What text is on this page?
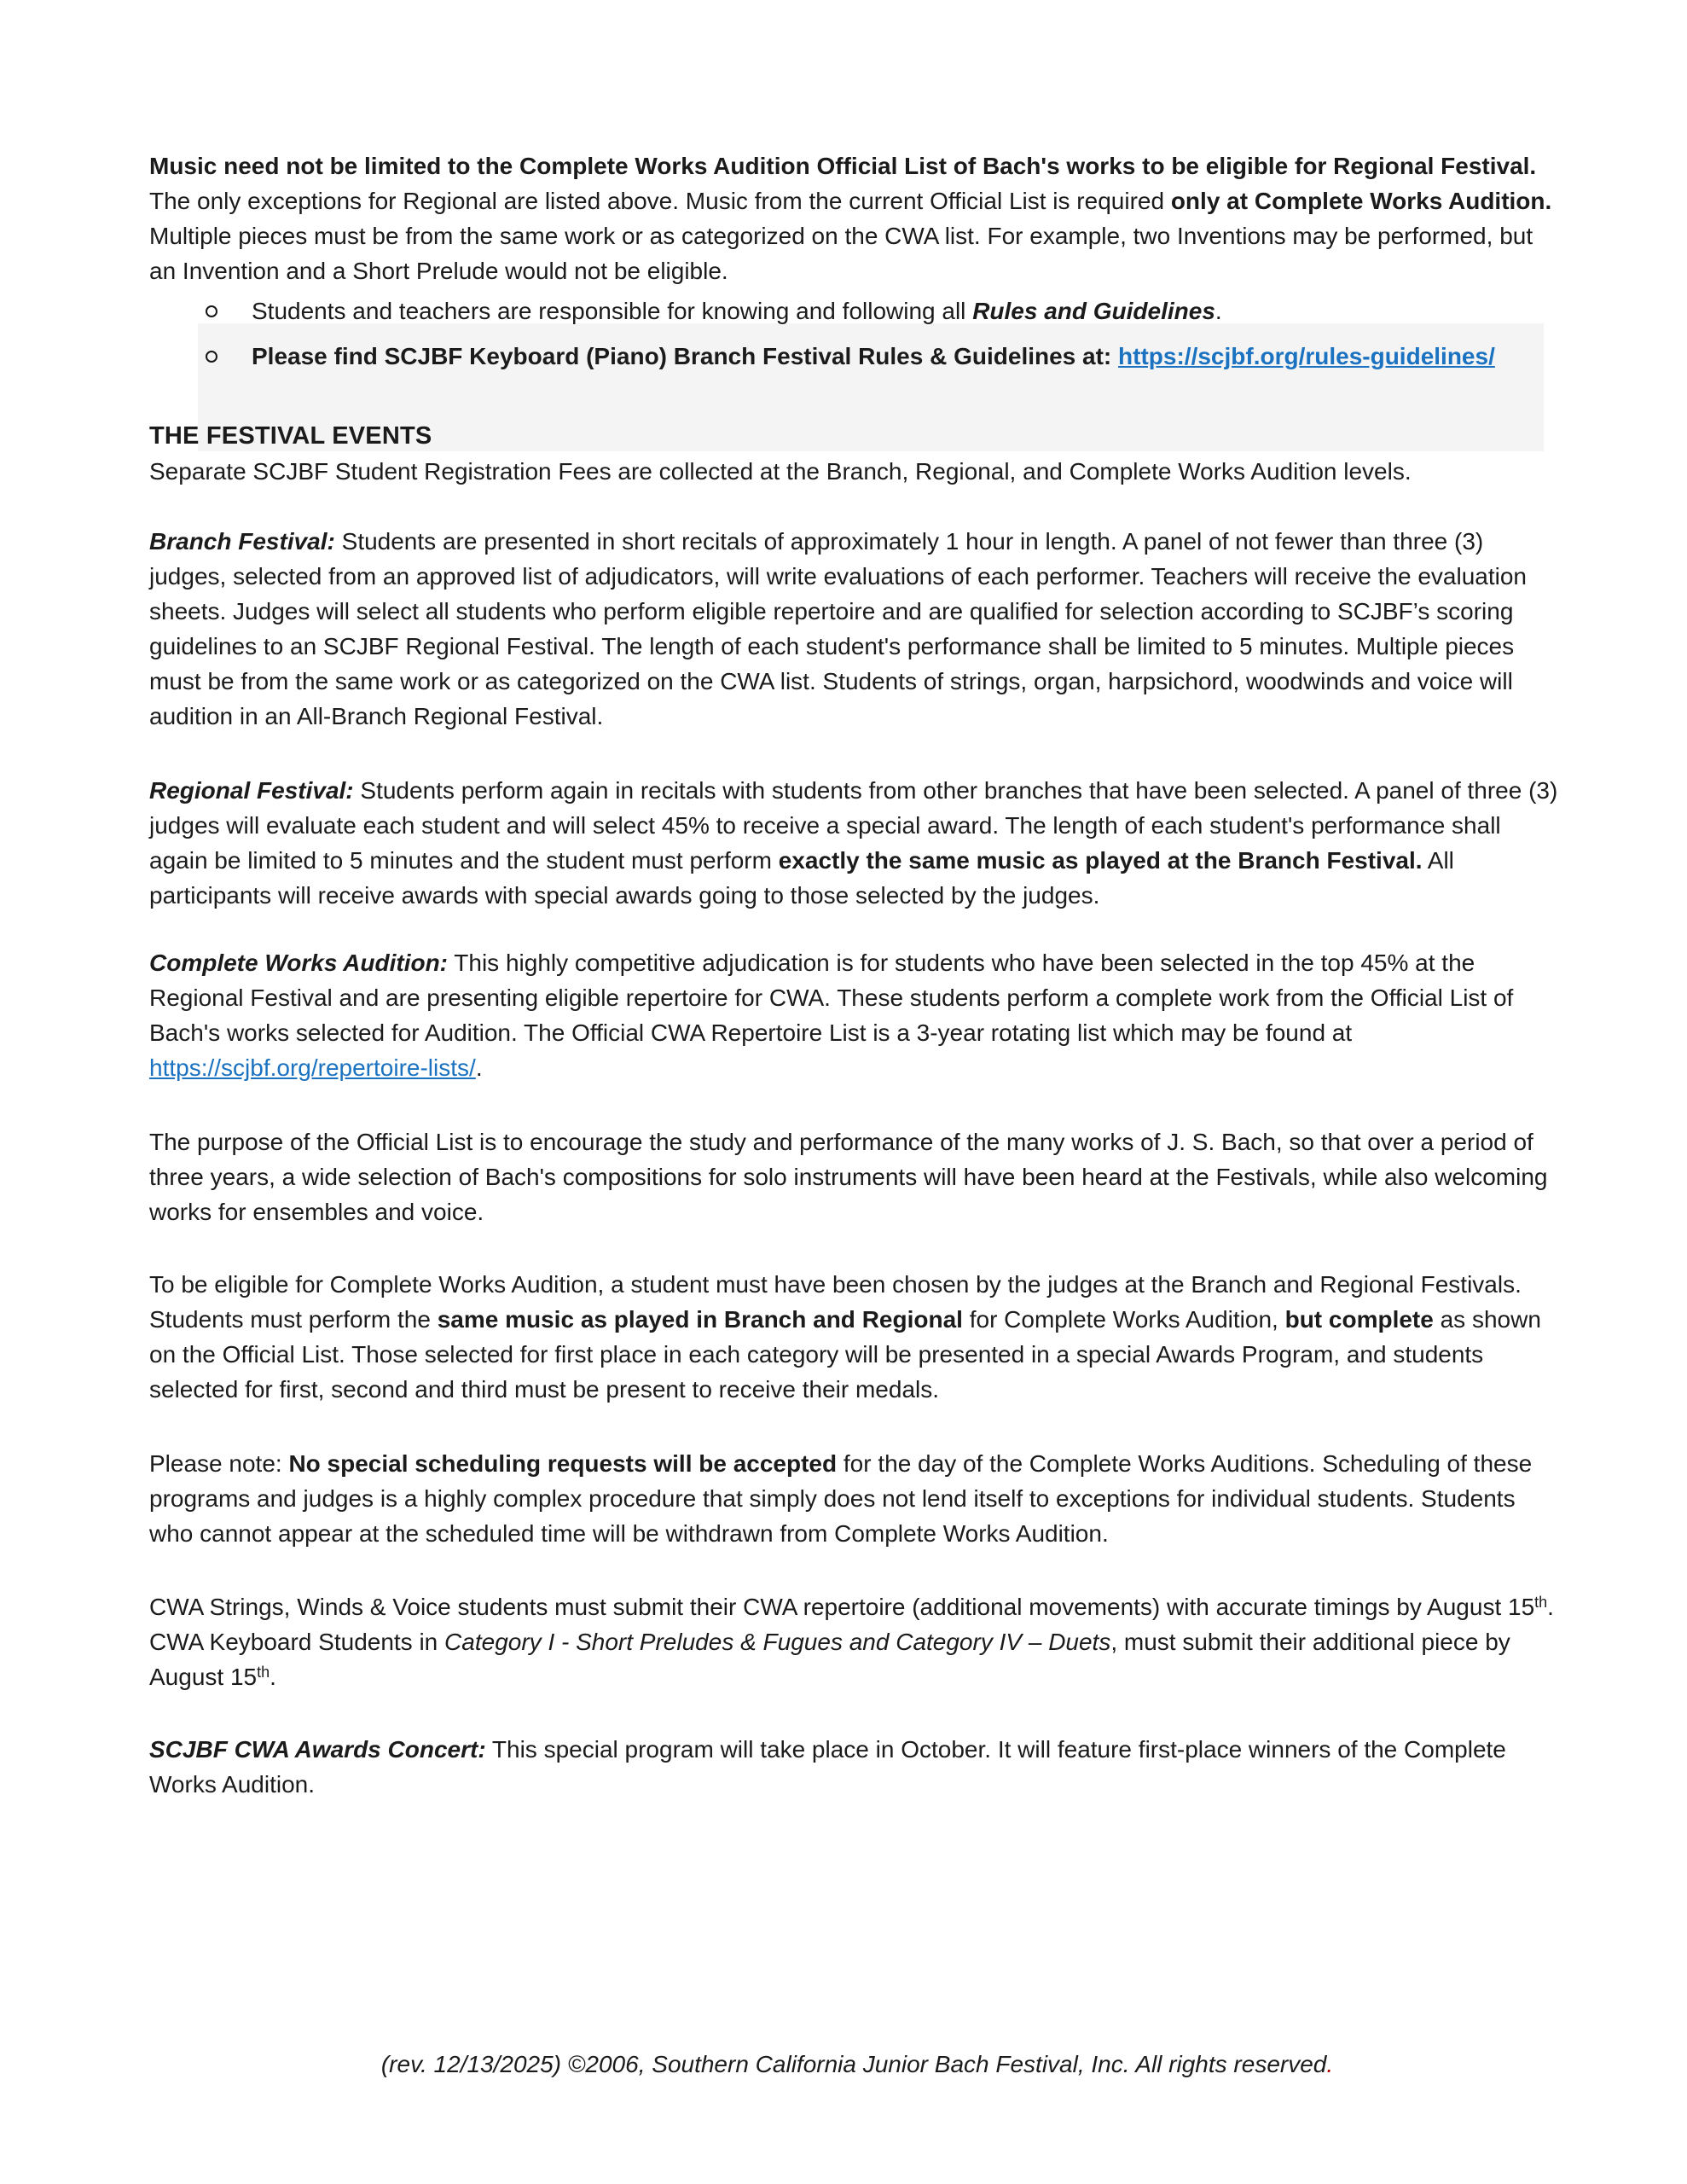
Music need not be limited to the Complete Works Audition Official List of Bach's works to be eligible for Regional Festival. The only exceptions for Regional are listed above. Music from the current Official List is required only at Complete Works Audition. Multiple pieces must be from the same work or as categorized on the CWA list. For example, two Inventions may be performed, but an Invention and a Short Prelude would not be eligible.
Students and teachers are responsible for knowing and following all Rules and Guidelines.
Please find SCJBF Keyboard (Piano) Branch Festival Rules & Guidelines at: https://scjbf.org/rules-guidelines/
THE FESTIVAL EVENTS
Separate SCJBF Student Registration Fees are collected at the Branch, Regional, and Complete Works Audition levels.
Branch Festival: Students are presented in short recitals of approximately 1 hour in length. A panel of not fewer than three (3) judges, selected from an approved list of adjudicators, will write evaluations of each performer. Teachers will receive the evaluation sheets. Judges will select all students who perform eligible repertoire and are qualified for selection according to SCJBF’s scoring guidelines to an SCJBF Regional Festival. The length of each student's performance shall be limited to 5 minutes. Multiple pieces must be from the same work or as categorized on the CWA list. Students of strings, organ, harpsichord, woodwinds and voice will audition in an All-Branch Regional Festival.
Regional Festival: Students perform again in recitals with students from other branches that have been selected. A panel of three (3) judges will evaluate each student and will select 45% to receive a special award. The length of each student's performance shall again be limited to 5 minutes and the student must perform exactly the same music as played at the Branch Festival. All participants will receive awards with special awards going to those selected by the judges.
Complete Works Audition: This highly competitive adjudication is for students who have been selected in the top 45% at the Regional Festival and are presenting eligible repertoire for CWA. These students perform a complete work from the Official List of Bach's works selected for Audition. The Official CWA Repertoire List is a 3-year rotating list which may be found at https://scjbf.org/repertoire-lists/.
The purpose of the Official List is to encourage the study and performance of the many works of J. S. Bach, so that over a period of three years, a wide selection of Bach's compositions for solo instruments will have been heard at the Festivals, while also welcoming works for ensembles and voice.
To be eligible for Complete Works Audition, a student must have been chosen by the judges at the Branch and Regional Festivals. Students must perform the same music as played in Branch and Regional for Complete Works Audition, but complete as shown on the Official List. Those selected for first place in each category will be presented in a special Awards Program, and students selected for first, second and third must be present to receive their medals.
Please note: No special scheduling requests will be accepted for the day of the Complete Works Auditions. Scheduling of these programs and judges is a highly complex procedure that simply does not lend itself to exceptions for individual students. Students who cannot appear at the scheduled time will be withdrawn from Complete Works Audition.
CWA Strings, Winds & Voice students must submit their CWA repertoire (additional movements) with accurate timings by August 15th. CWA Keyboard Students in Category I - Short Preludes & Fugues and Category IV – Duets, must submit their additional piece by August 15th.
SCJBF CWA Awards Concert: This special program will take place in October. It will feature first-place winners of the Complete Works Audition.
(rev. 12/13/2025) ©2006, Southern California Junior Bach Festival, Inc. All rights reserved.
